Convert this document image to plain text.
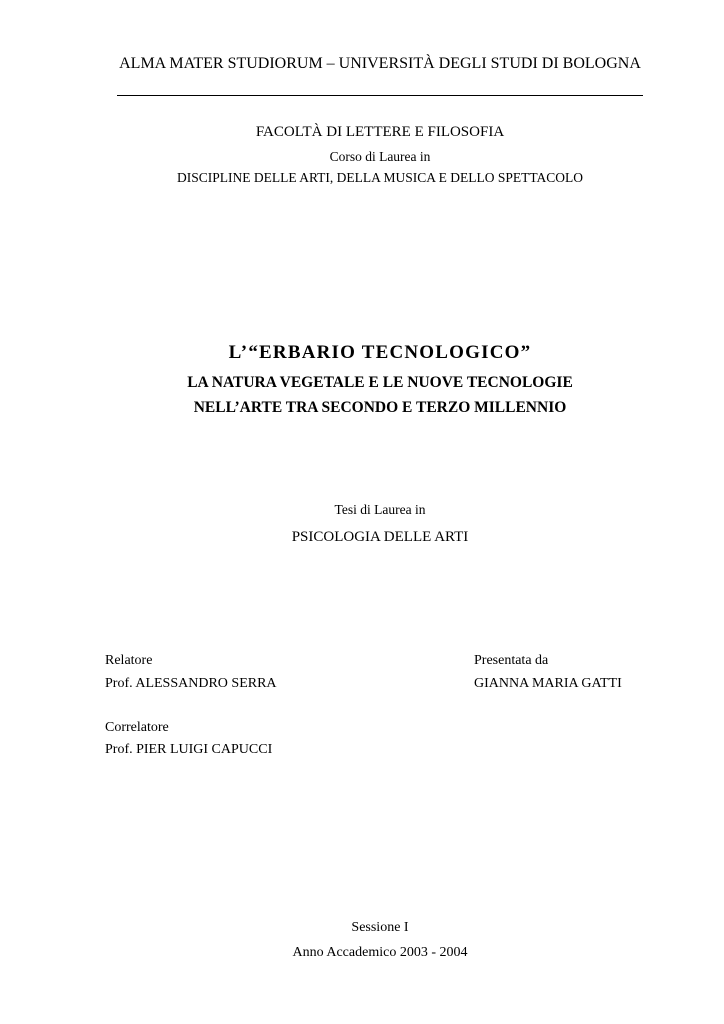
ALMA MATER STUDIORUM – UNIVERSITÀ DEGLI STUDI DI BOLOGNA
FACOLTÀ DI LETTERE E FILOSOFIA
Corso di Laurea in
DISCIPLINE DELLE ARTI, DELLA MUSICA E DELLO SPETTACOLO
L’“ERBARIO TECNOLOGICO”
LA NATURA VEGETALE E LE NUOVE TECNOLOGIE
NELL’ARTE TRA SECONDO E TERZO MILLENNIO
Tesi di Laurea in
PSICOLOGIA DELLE ARTI
Relatore
Prof. ALESSANDRO SERRA
Presentata da
GIANNA MARIA GATTI
Correlatore
Prof. PIER LUIGI CAPUCCI
Sessione I
Anno Accademico 2003 - 2004
